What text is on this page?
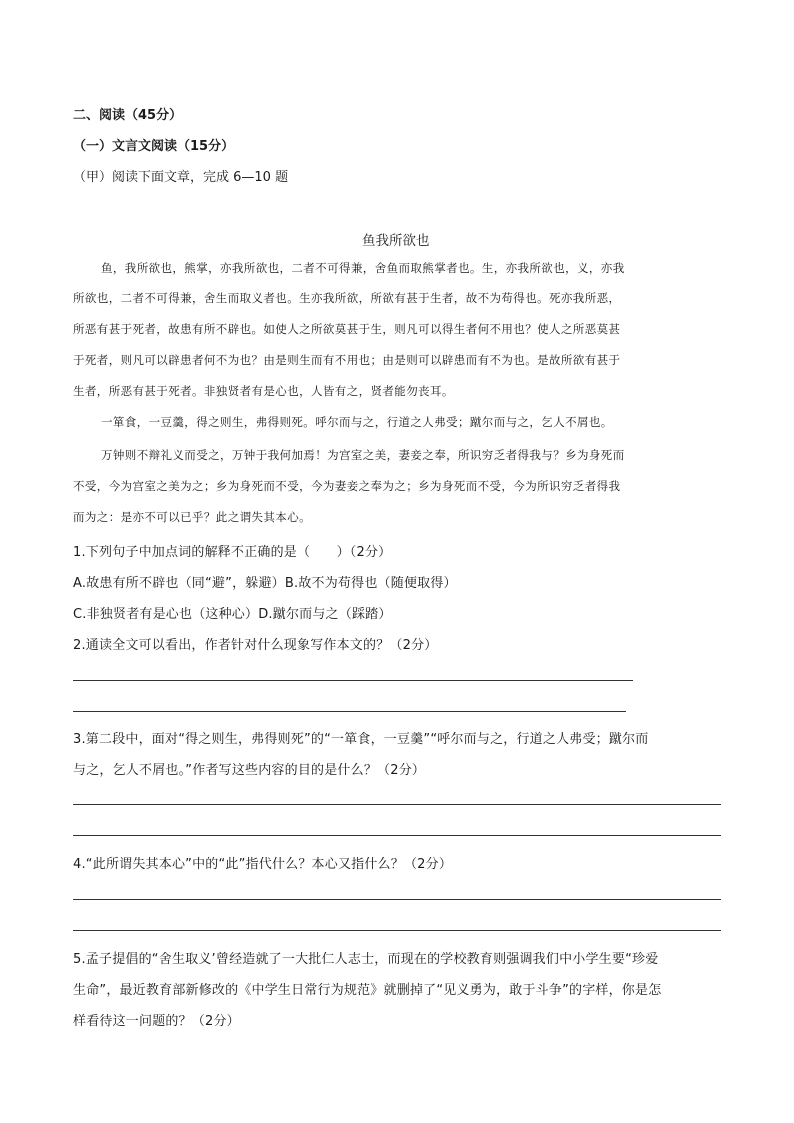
二、阅读（45分）
（一）文言文阅读（15分）
（甲）阅读下面文章，完成 6—10 题
鱼我所欲也
鱼，我所欲也，熊掌，亦我所欲也，二者不可得兼，舍鱼而取熊掌者也。生，亦我所欲也，义，亦我
所欲也，二者不可得兼，舍生而取义者也。生亦我所欲，所欲有甚于生者，故不为苟得也。死亦我所恶，
所恶有甚于死者，故患有所不辟也。如使人之所欲莫甚于生，则凡可以得生者何不用也？使人之所恶莫甚
于死者，则凡可以辟患者何不为也？由是则生而有不用也；由是则可以辟患而有不为也。是故所欲有甚于
生者，所恶有甚于死者。非独贤者有是心也，人皆有之，贤者能勿丧耳。
一箪食，一豆羹，得之则生，弗得则死。呼尔而与之，行道之人弗受；蹴尔而与之，乞人不屑也。
万钟则不辩礼义而受之，万钟于我何加焉！为宫室之美，妻妾之奉，所识穷乏者得我与？乡为身死而
不受，今为宫室之美为之；乡为身死而不受，今为妻妾之奉为之；乡为身死而不受，今为所识穷乏者得我
而为之：是亦不可以已乎？此之谓失其本心。
1.下列句子中加点词的解释不正确的是（　　）（2分）
A.故患有所不辟也（同“避”，躲避）B.故不为苟得也（随便取得）
C.非独贤者有是心也（这种心）D.蹴尔而与之（踩踏）
2.通读全文可以看出，作者针对什么现象写作本文的？（2分）
3.第二段中，面对“得之则生，弗得则死”的“一箪食，一豆羹”“呼尔而与之，行道之人弗受；蹴尔而
与之，乞人不屑也。”作者写这些内容的目的是什么？（2分）
4.“此所谓失其本心”中的“此”指代什么？本心又指什么？（2分）
5.孟子提倡的“舍生取义’曾经造就了一大批仁人志士，而现在的学校教育则强调我们中小学生要“珍爱
生命”，最近教育部新修改的《中学生日常行为规范》就删掉了“见义勇为，敢于斗争”的字样，你是怎
样看待这一问题的？（2分）
